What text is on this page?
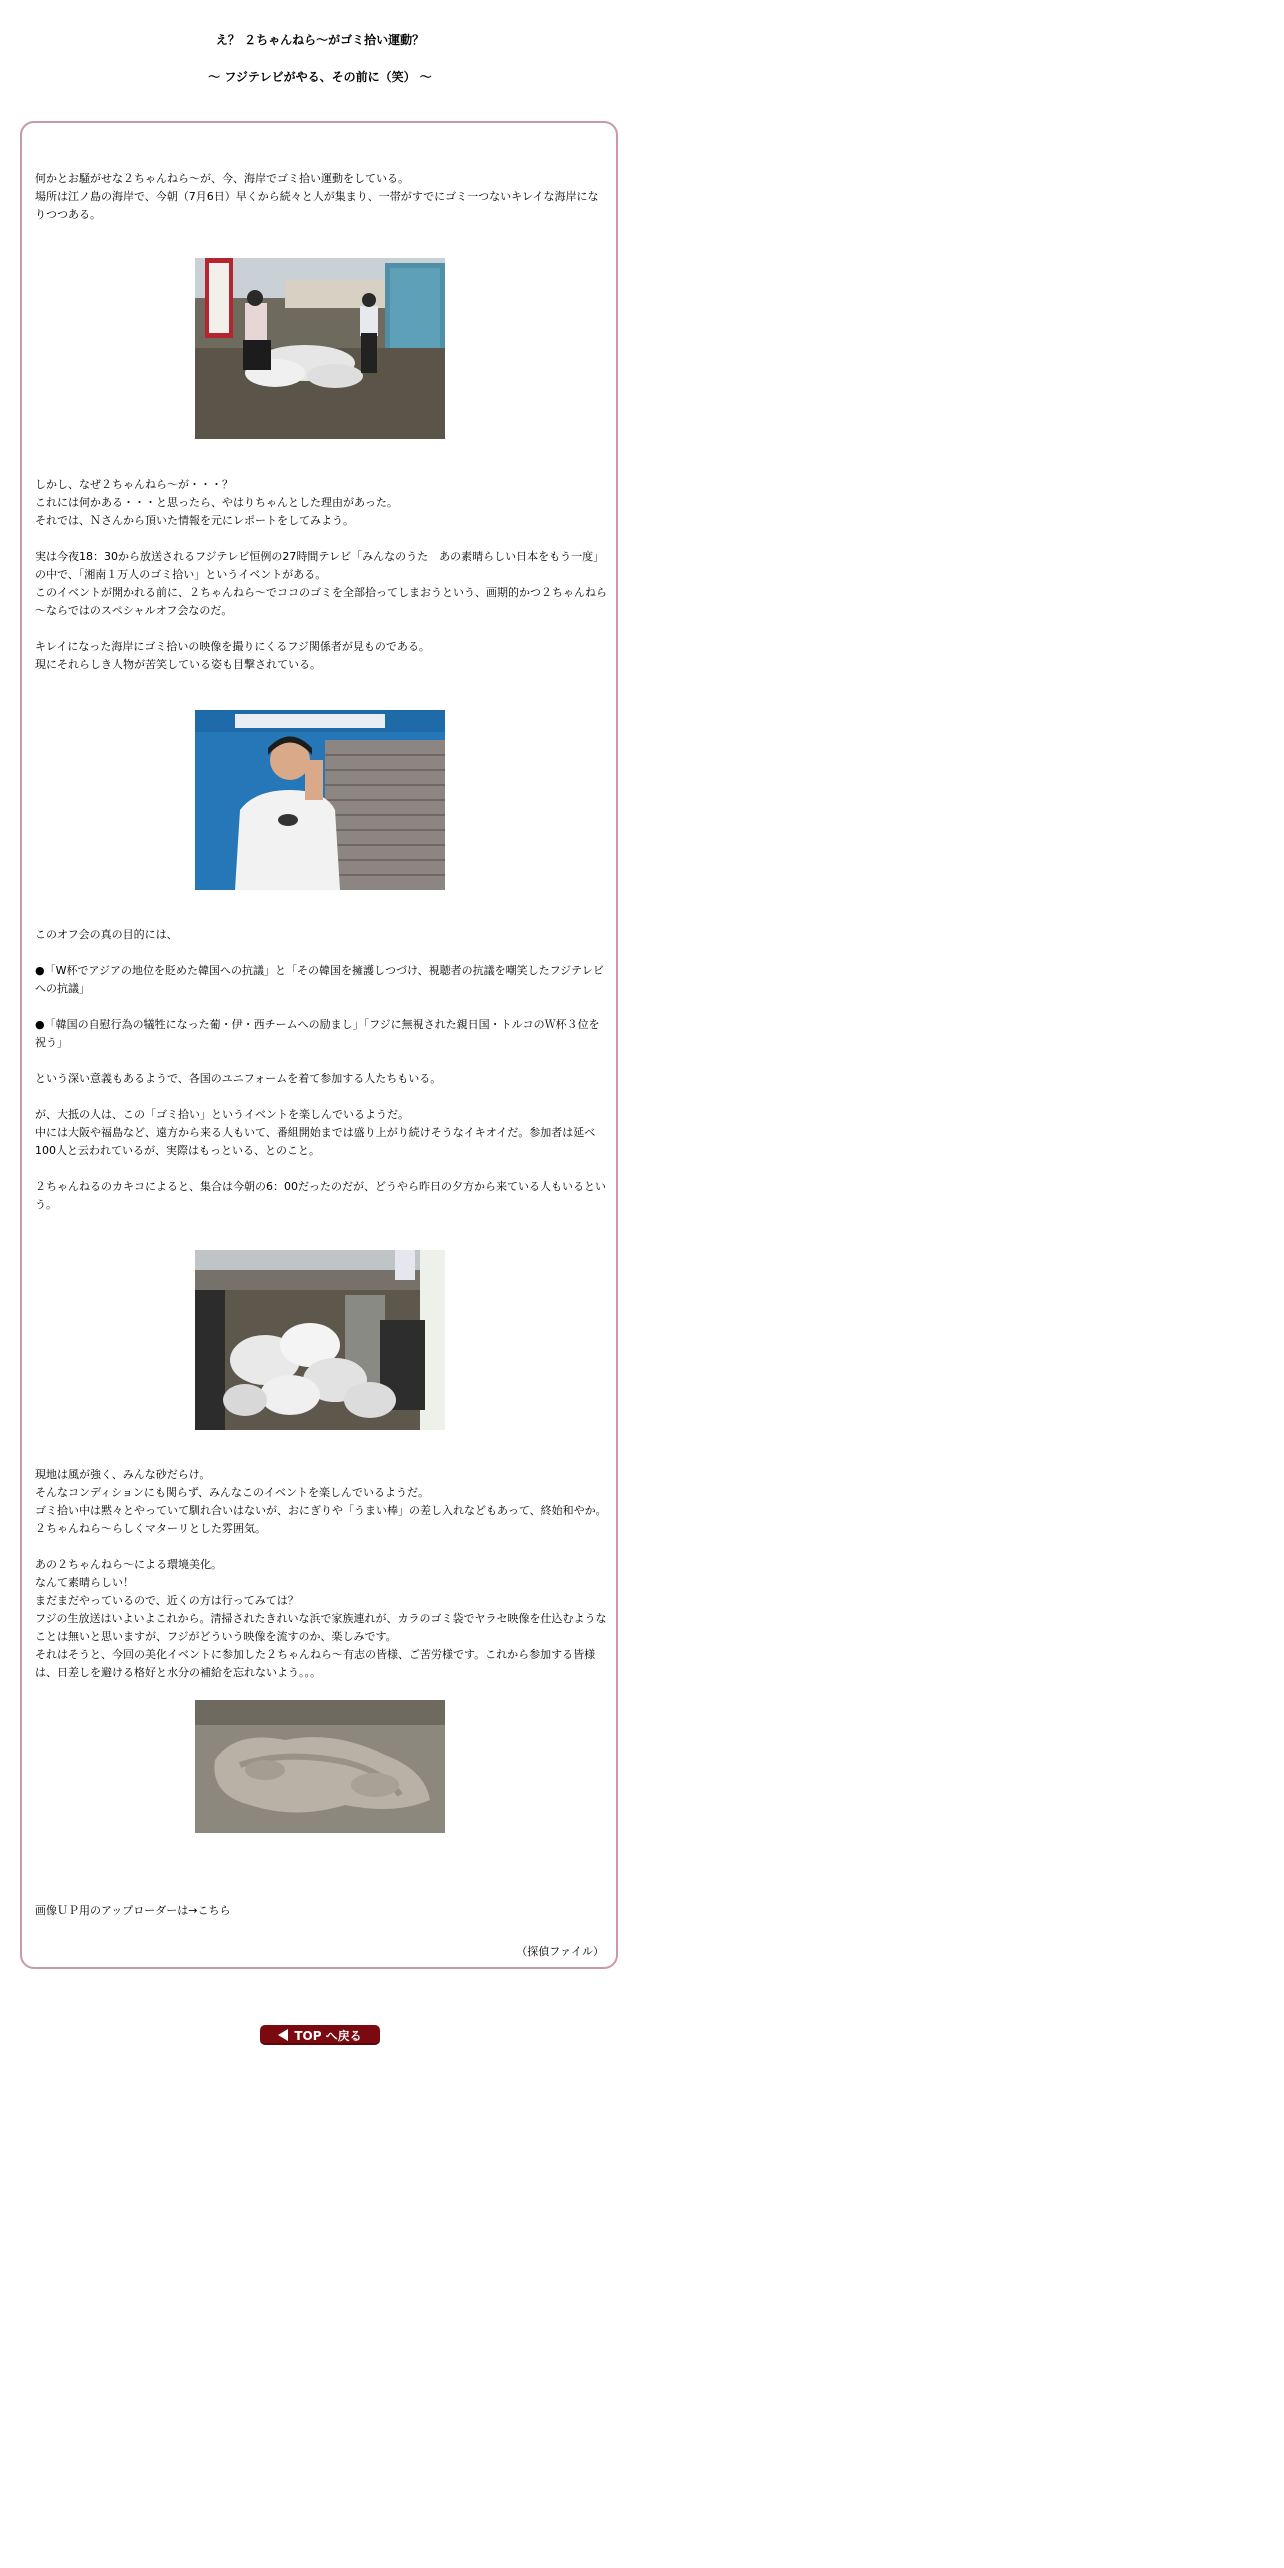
え？ ２ちゃんねら～がゴミ拾い運動？
～ フジテレビがやる、その前に（笑） ～
何かとお騒がせな２ちゃんねら～が、今、海岸でゴミ拾い運動をしている。
場所は江ノ島の海岸で、今朝（7月6日）早くから続々と人が集まり、一帯がすでにゴミ一つないキレイな海岸になりつつある。
しかし、なぜ２ちゃんねら～が・・・？
これには何かある・・・と思ったら、やはりちゃんとした理由があった。
それでは、Ｎさんから頂いた情報を元にレポートをしてみよう。

実は今夜18：30から放送されるフジテレビ恒例の27時間テレビ「みんなのうた　あの素晴らしい日本をもう一度」の中で、「湘南１万人のゴミ拾い」というイベントがある。
このイベントが開かれる前に、２ちゃんねら～でココのゴミを全部拾ってしまおうという、画期的かつ２ちゃんねら～ならではのスペシャルオフ会なのだ。

キレイになった海岸にゴミ拾いの映像を撮りにくるフジ関係者が見ものである。
現にそれらしき人物が苦笑している姿も目撃されている。
このオフ会の真の目的には、

●「W杯でアジアの地位を貶めた韓国への抗議」と「その韓国を擁護しつづけ、視聴者の抗議を嘲笑したフジテレビへの抗議」

●「韓国の自慰行為の犠牲になった葡・伊・西チームへの励まし」「フジに無視された親日国・トルコのＷ杯３位を祝う」

という深い意義もあるようで、各国のユニフォームを着て参加する人たちもいる。

が、大抵の人は、この「ゴミ拾い」というイベントを楽しんでいるようだ。
中には大阪や福島など、遠方から来る人もいて、番組開始までは盛り上がり続けそうなイキオイだ。参加者は延べ100人と云われているが、実際はもっといる、とのこと。

２ちゃんねるのカキコによると、集合は今朝の6：00だったのだが、どうやら昨日の夕方から来ている人もいるという。
現地は風が強く、みんな砂だらけ。
そんなコンディションにも関らず、みんなこのイベントを楽しんでいるようだ。
ゴミ拾い中は黙々とやっていて馴れ合いはないが、おにぎりや「うまい棒」の差し入れなどもあって、終始和やか。２ちゃんねら～らしくマターリとした雰囲気。

あの２ちゃんねら～による環境美化。
なんて素晴らしい！
まだまだやっているので、近くの方は行ってみては？
フジの生放送はいよいよこれから。清掃されたきれいな浜で家族連れが、カラのゴミ袋でヤラセ映像を仕込むようなことは無いと思いますが、フジがどういう映像を流すのか、楽しみです。
それはそうと、今回の美化イベントに参加した２ちゃんねら～有志の皆様、ご苦労様です。これから参加する皆様は、日差しを避ける格好と水分の補給を忘れないよう。。。
画像ＵＰ用のアップローダーは→こちら
（探偵ファイル）
TOP へ戻る
